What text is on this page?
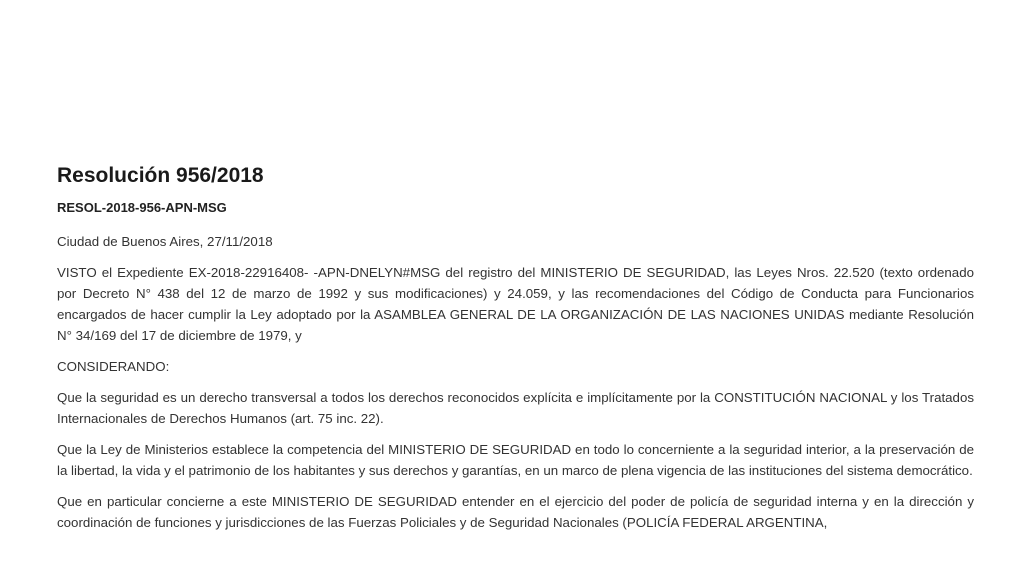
Resolución 956/2018
RESOL-2018-956-APN-MSG

Ciudad de Buenos Aires, 27/11/2018

VISTO el Expediente EX-2018-22916408- -APN-DNELYN#MSG del registro del MINISTERIO DE SEGURIDAD, las Leyes Nros. 22.520 (texto ordenado por Decreto N° 438 del 12 de marzo de 1992 y sus modificaciones) y 24.059, y las recomendaciones del Código de Conducta para Funcionarios encargados de hacer cumplir la Ley adoptado por la ASAMBLEA GENERAL DE LA ORGANIZACIÓN DE LAS NACIONES UNIDAS mediante Resolución N° 34/169 del 17 de diciembre de 1979, y

CONSIDERANDO:

Que la seguridad es un derecho transversal a todos los derechos reconocidos explícita e implícitamente por la CONSTITUCIÓN NACIONAL y los Tratados Internacionales de Derechos Humanos (art. 75 inc. 22).

Que la Ley de Ministerios establece la competencia del MINISTERIO DE SEGURIDAD en todo lo concerniente a la seguridad interior, a la preservación de la libertad, la vida y el patrimonio de los habitantes y sus derechos y garantías, en un marco de plena vigencia de las instituciones del sistema democrático.

Que en particular concierne a este MINISTERIO DE SEGURIDAD entender en el ejercicio del poder de policía de seguridad interna y en la dirección y coordinación de funciones y jurisdicciones de las Fuerzas Policiales y de Seguridad Nacionales (POLICÍA FEDERAL ARGENTINA,
